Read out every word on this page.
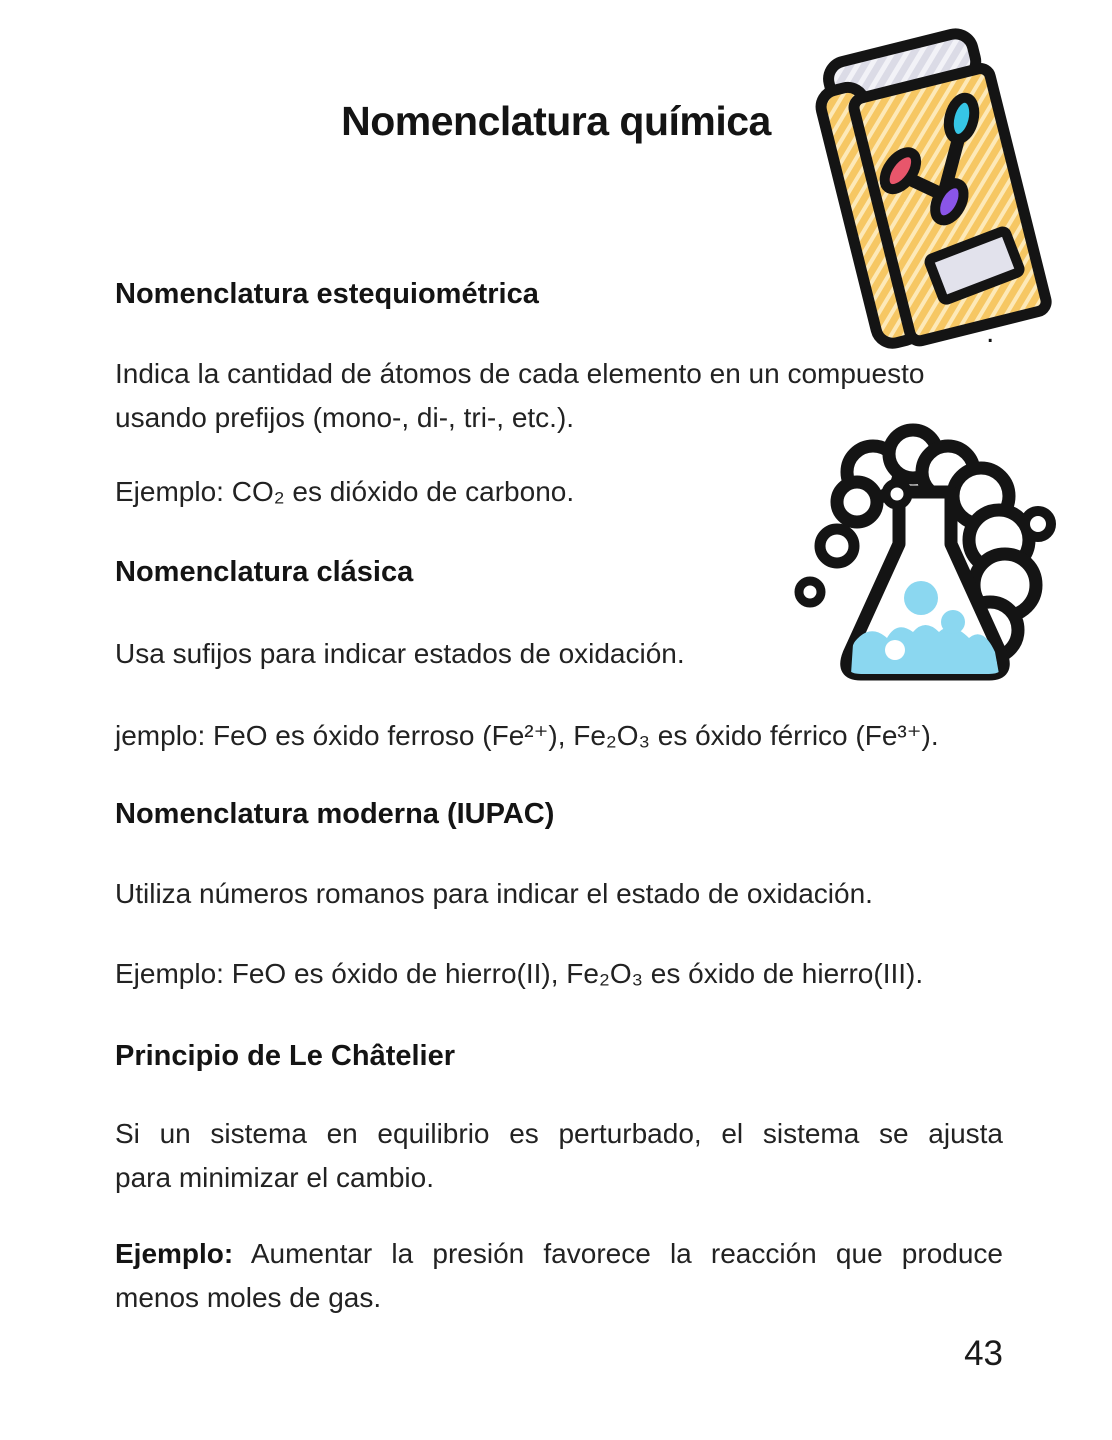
Nomenclatura química
.
Nomenclatura estequiométrica
Indica la cantidad de átomos de cada elemento en un compuesto
usando prefijos (mono-, di-, tri-, etc.).
Ejemplo: CO₂ es dióxido de carbono.
Nomenclatura clásica
Usa sufijos para indicar estados de oxidación.
jemplo: FeO es óxido ferroso (Fe²⁺), Fe₂O₃ es óxido férrico (Fe³⁺).
Nomenclatura moderna (IUPAC)
Utiliza números romanos para indicar el estado de oxidación.
Ejemplo: FeO es óxido de hierro(II), Fe₂O₃ es óxido de hierro(III).
Principio de Le Châtelier
Si un sistema en equilibrio es perturbado, el sistema se ajusta
para minimizar el cambio.
Ejemplo: Aumentar la presión favorece la reacción que produce
menos moles de gas.
43
